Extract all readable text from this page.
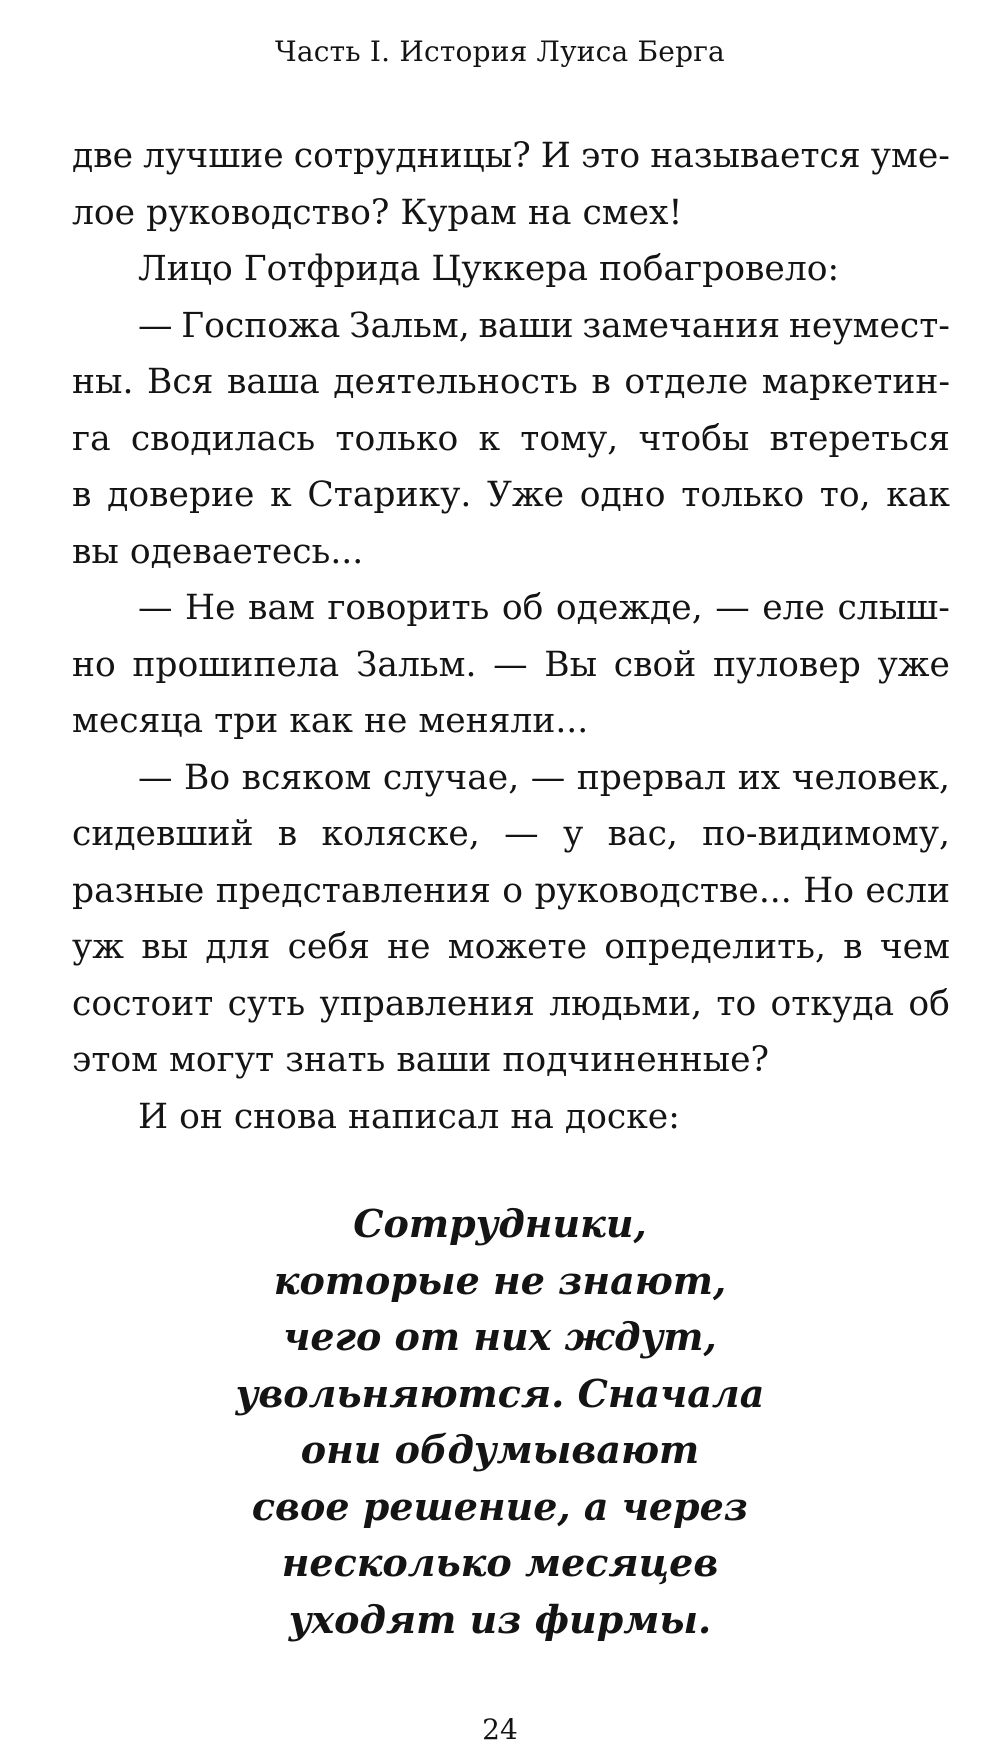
Часть I. История Луиса Берга
две лучшие сотрудницы? И это называется уме-
лое руководство? Курам на смех!
Лицо Готфрида Цуккера побагровело:
— Госпожа Зальм, ваши замечания неумест‑
ны. Вся ваша деятельность в отделе маркетин-
га сводилась только к тому, чтобы втереться
в доверие к Старику. Уже одно только то, как
вы одеваетесь...
— Не вам говорить об одежде, — еле слыш-
но прошипела Зальм. — Вы свой пуловер уже
месяца три как не меняли...
— Во всяком случае, — прервал их человек,
сидевший в коляске, — у вас, по-видимому,
разные представления о руководстве... Но если
уж вы для себя не можете определить, в чем
состоит суть управления людьми, то откуда об
этом могут знать ваши подчиненные?
И он снова написал на доске:
Сотрудники,
которые не знают,
чего от них ждут,
увольняются. Сначала
они обдумывают
свое решение, а через
несколько месяцев
уходят из фирмы.
24
